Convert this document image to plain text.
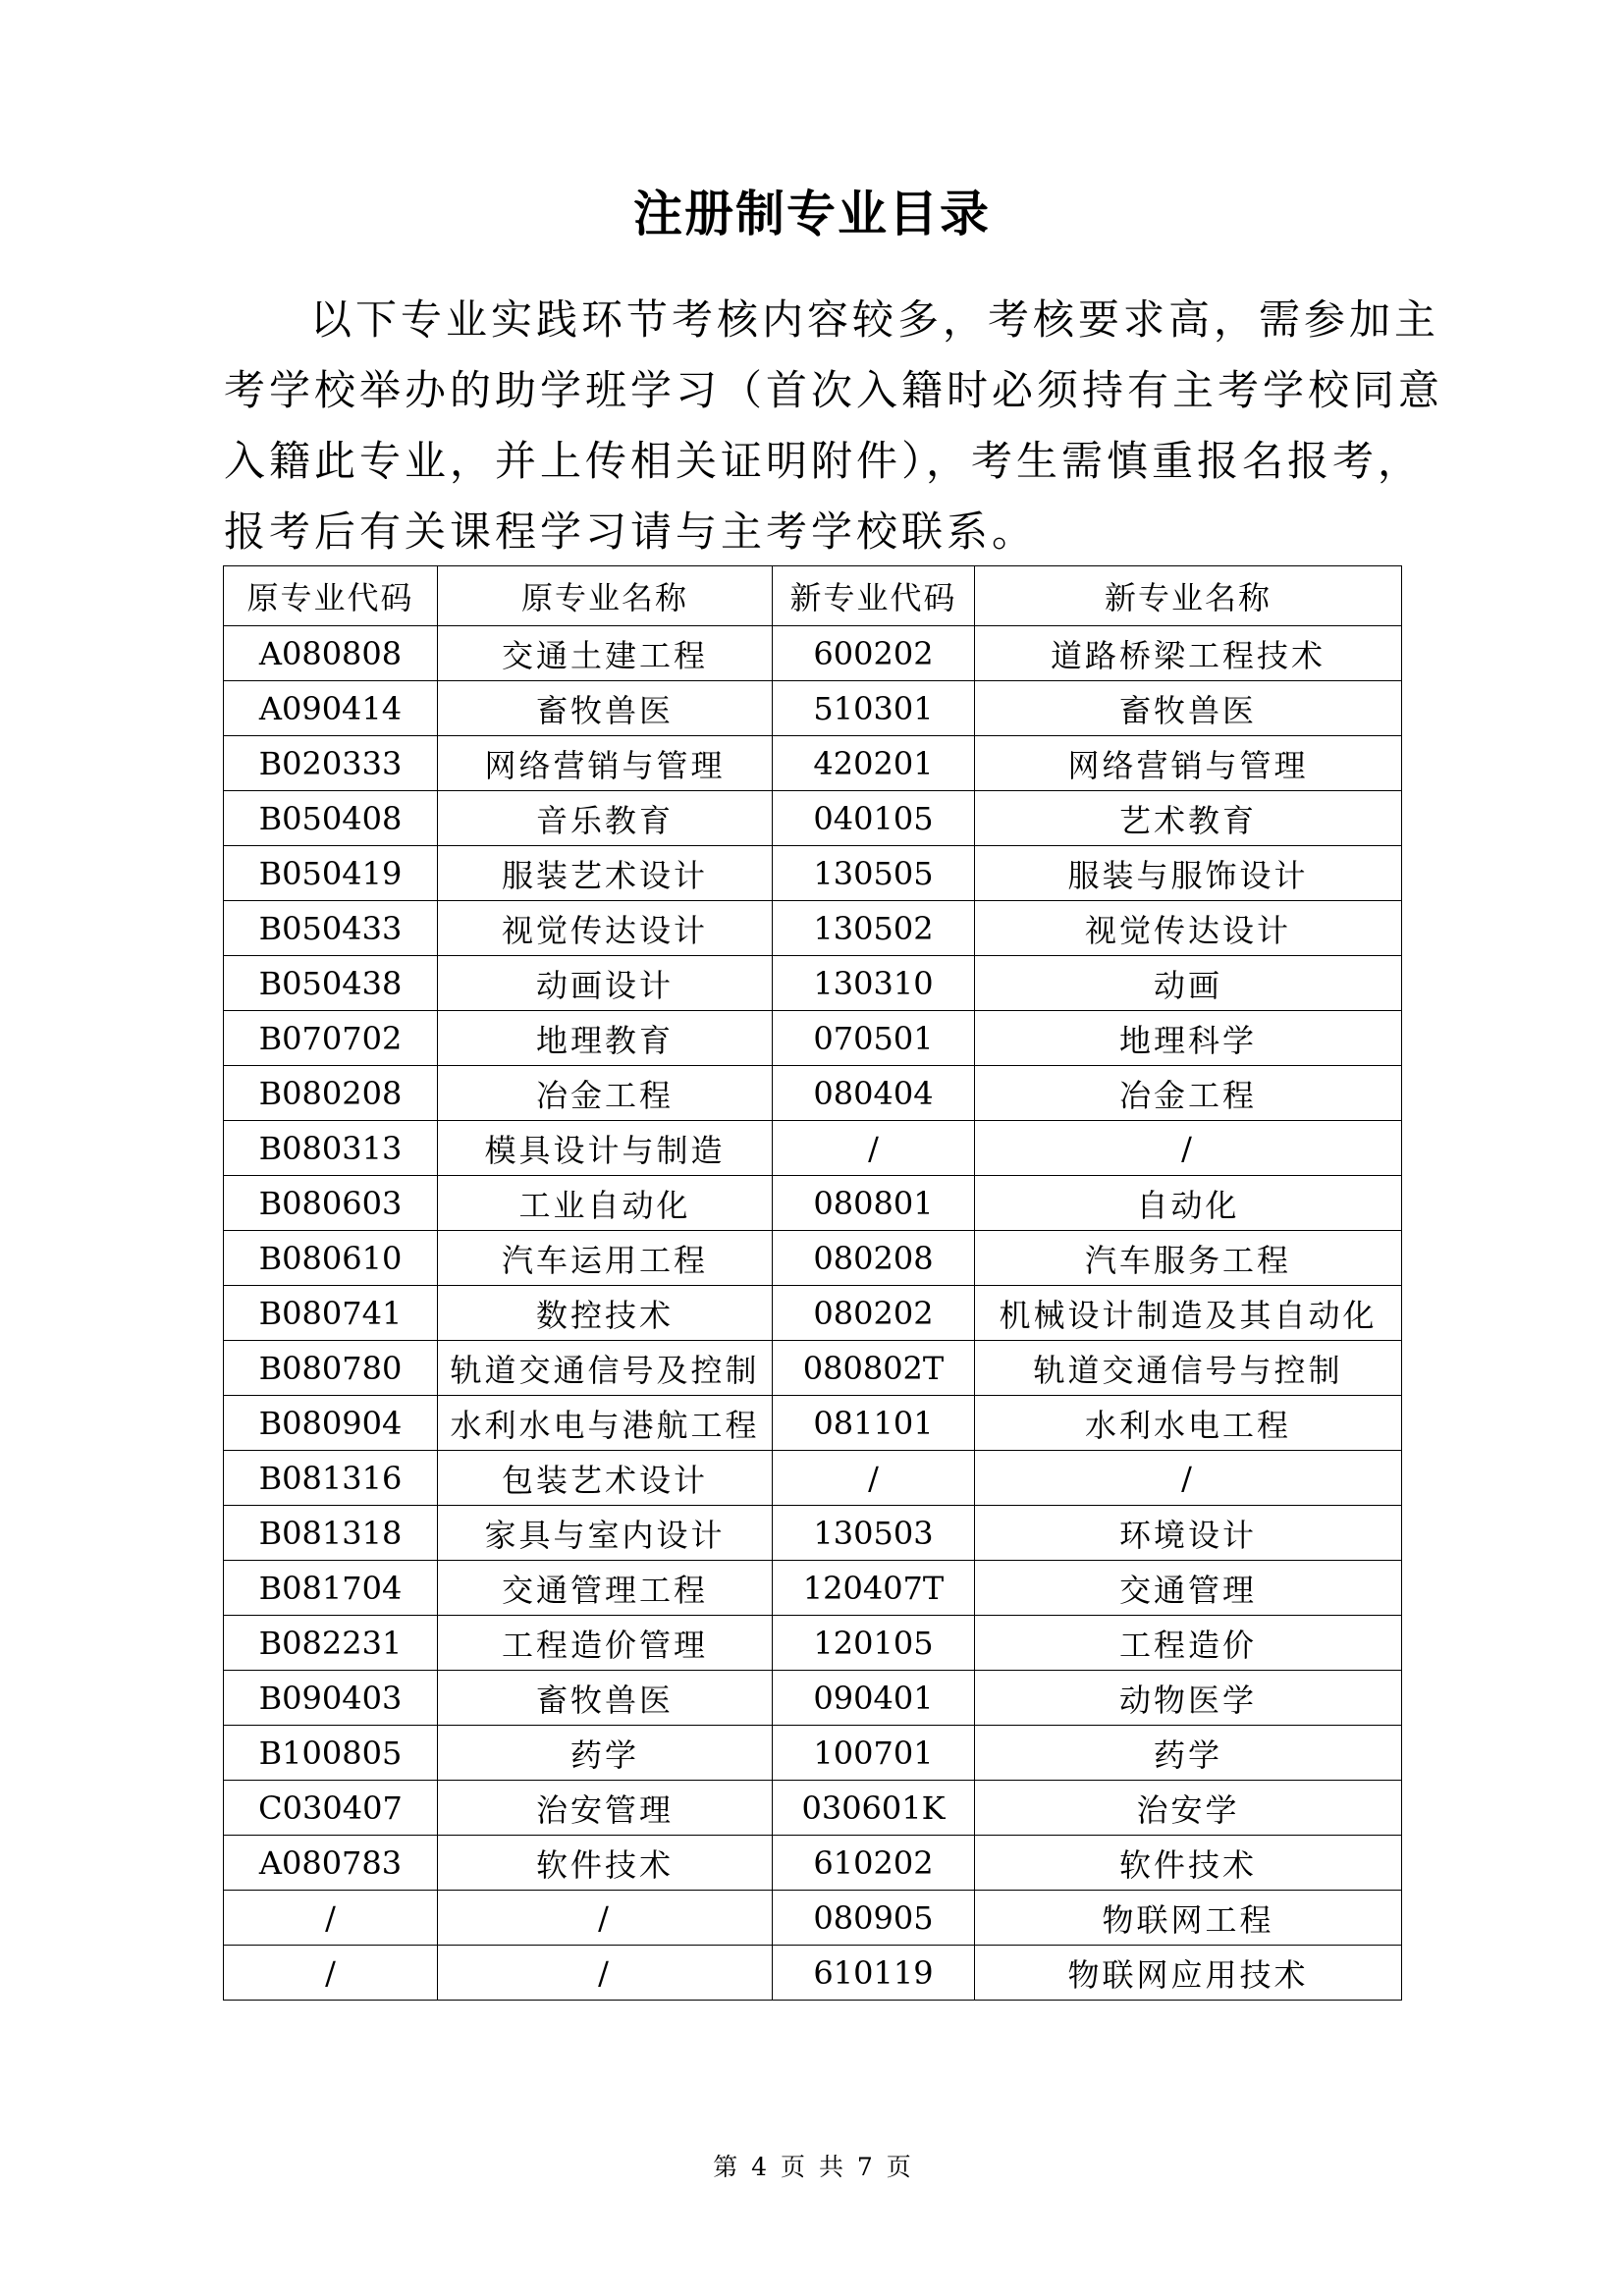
注册制专业目录
以下专业实践环节考核内容较多，考核要求高，需参加主
考学校举办的助学班学习（首次入籍时必须持有主考学校同意
入籍此专业，并上传相关证明附件），考生需慎重报名报考，
报考后有关课程学习请与主考学校联系。
原专业代码	原专业名称	新专业代码	新专业名称
A080808	交通土建工程	600202	道路桥梁工程技术
A090414	畜牧兽医	510301	畜牧兽医
B020333	网络营销与管理	420201	网络营销与管理
B050408	音乐教育	040105	艺术教育
B050419	服装艺术设计	130505	服装与服饰设计
B050433	视觉传达设计	130502	视觉传达设计
B050438	动画设计	130310	动画
B070702	地理教育	070501	地理科学
B080208	冶金工程	080404	冶金工程
B080313	模具设计与制造	/	/
B080603	工业自动化	080801	自动化
B080610	汽车运用工程	080208	汽车服务工程
B080741	数控技术	080202	机械设计制造及其自动化
B080780	轨道交通信号及控制	080802T	轨道交通信号与控制
B080904	水利水电与港航工程	081101	水利水电工程
B081316	包装艺术设计	/	/
B081318	家具与室内设计	130503	环境设计
B081704	交通管理工程	120407T	交通管理
B082231	工程造价管理	120105	工程造价
B090403	畜牧兽医	090401	动物医学
B100805	药学	100701	药学
C030407	治安管理	030601K	治安学
A080783	软件技术	610202	软件技术
/	/	080905	物联网工程
/	/	610119	物联网应用技术
第 4 页 共 7 页
